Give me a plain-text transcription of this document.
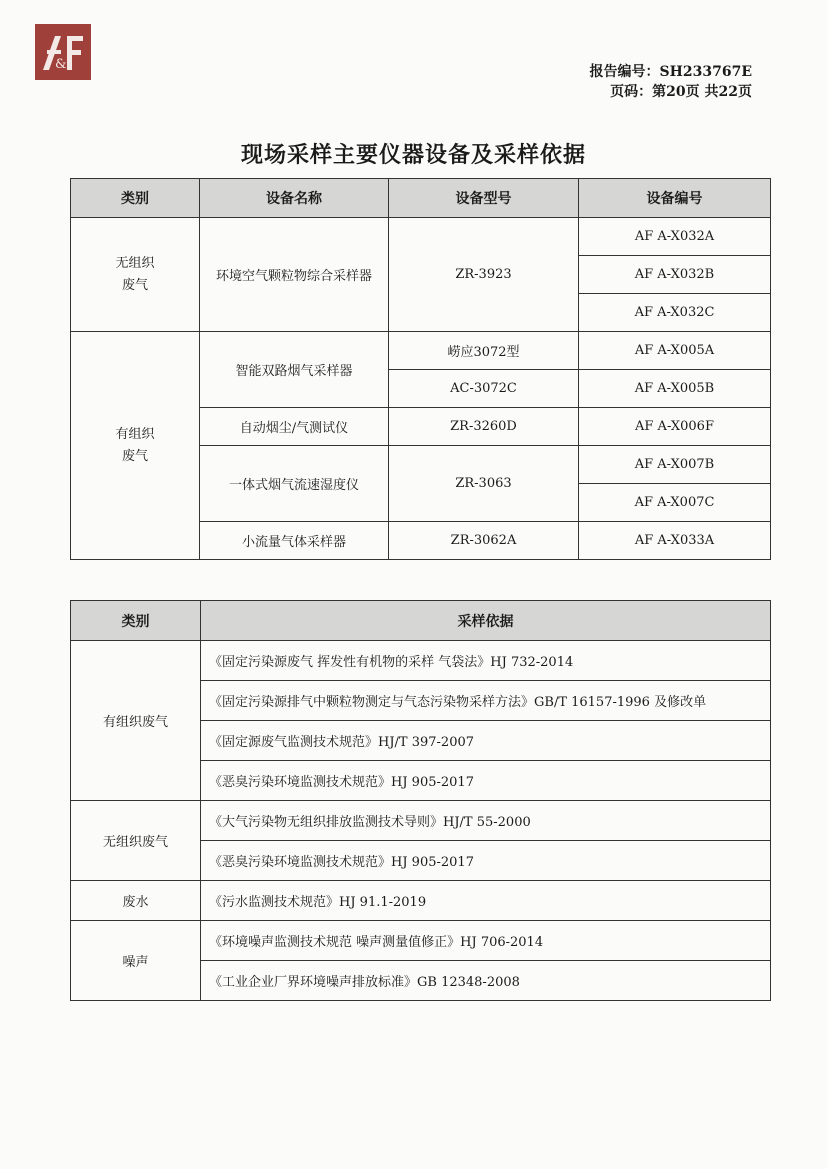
&	报告编号：SH233767E
页码：第20页 共22页
现场采样主要仪器设备及采样依据
类别	设备名称	设备型号	设备编号

无组织
废气	环境空气颗粒物综合采样器	ZR-3923	AF A-X032A
			AF A-X032B
			AF A-X032C

有组织
废气	智能双路烟气采样器	崂应3072型	AF A-X005A
		AC-3072C	AF A-X005B
	自动烟尘/气测试仪	ZR-3260D	AF A-X006F
	一体式烟气流速湿度仪	ZR-3063	AF A-X007B
			AF A-X007C
	小流量气体采样器	ZR-3062A	AF A-X033A
类别	采样依据
有组织废气	《固定污染源废气 挥发性有机物的采样 气袋法》HJ 732-2014
	《固定污染源排气中颗粒物测定与气态污染物采样方法》GB/T 16157-1996 及修改单
	《固定源废气监测技术规范》HJ/T 397-2007
	《恶臭污染环境监测技术规范》HJ 905-2017
无组织废气	《大气污染物无组织排放监测技术导则》HJ/T 55-2000
	《恶臭污染环境监测技术规范》HJ 905-2017
废水	《污水监测技术规范》HJ 91.1-2019
噪声	《环境噪声监测技术规范 噪声测量值修正》HJ 706-2014
	《工业企业厂界环境噪声排放标准》GB 12348-2008
